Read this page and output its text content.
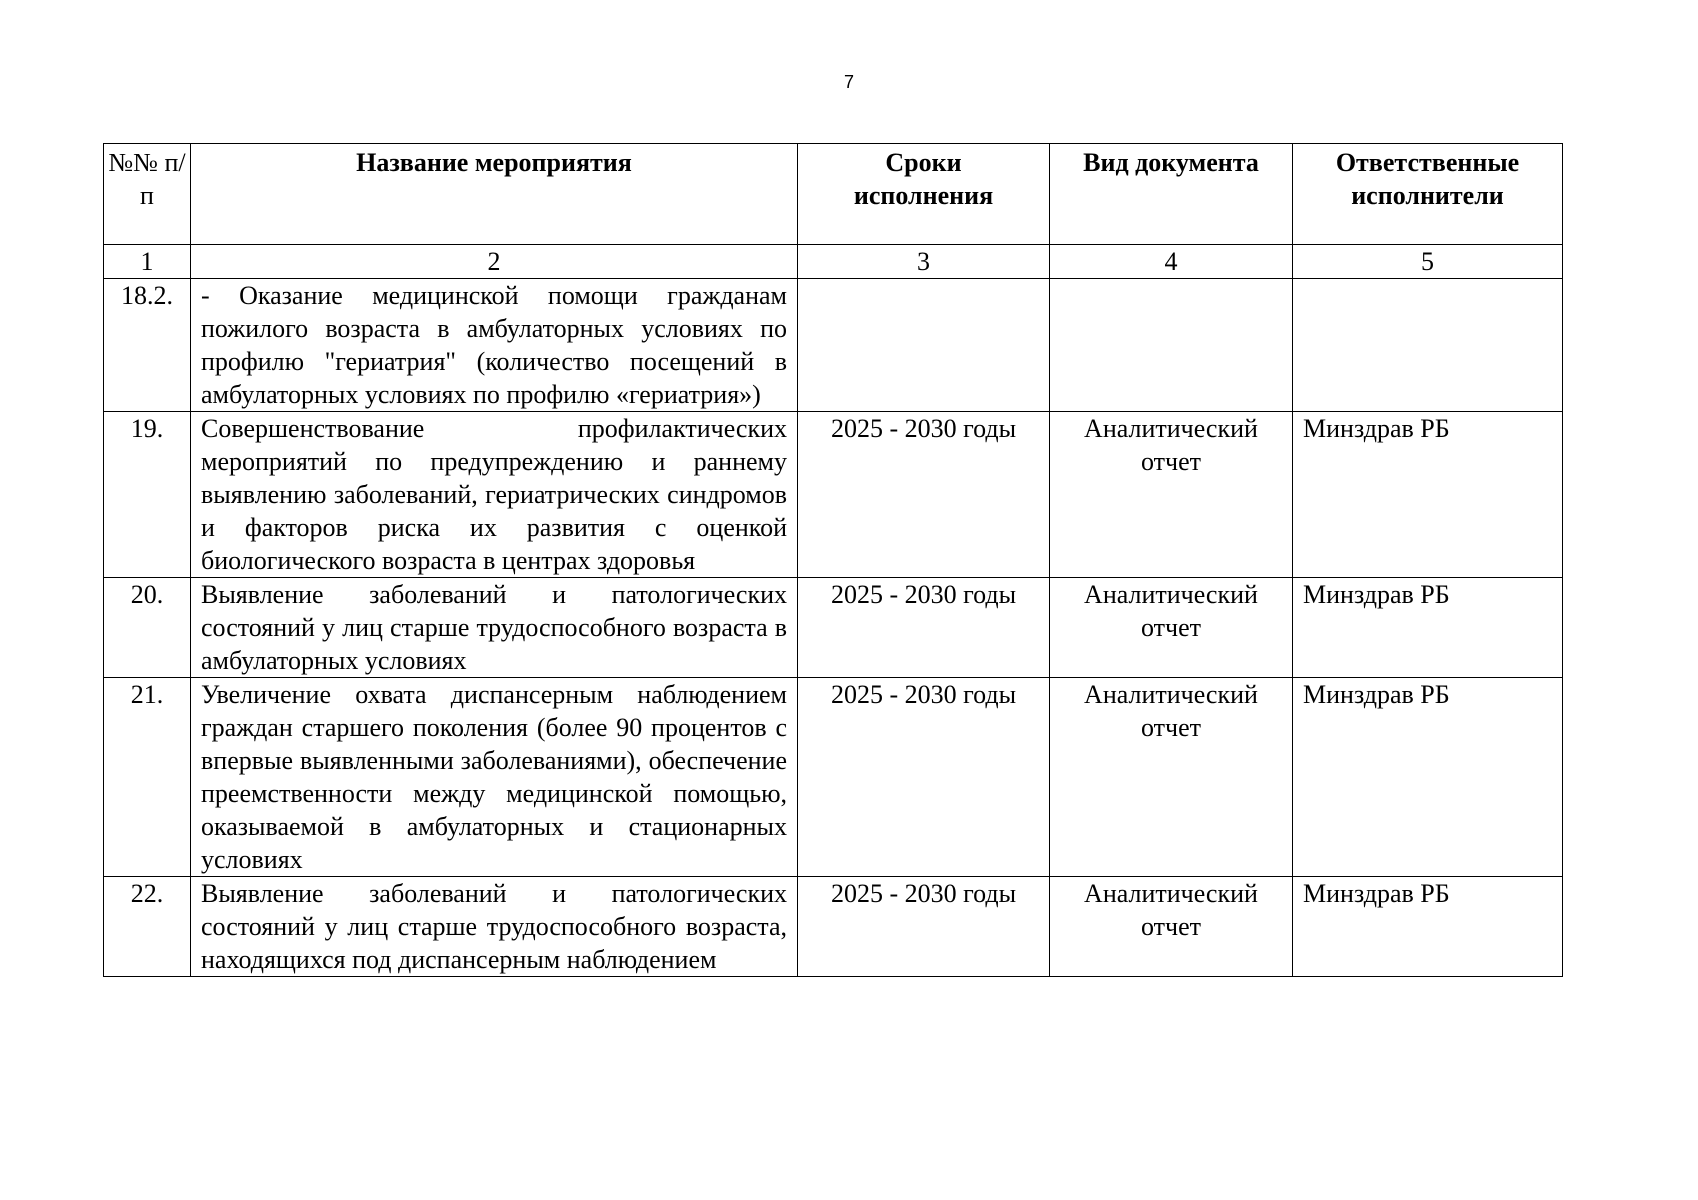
7
№№ п/п	Название мероприятия	Сроки исполнения	Вид документа	Ответственные исполнители
1	2	3	4	5
18.2.	- Оказание медицинской помощи гражданам пожилого возраста в амбулаторных условиях по профилю "гериатрия" (количество посещений в амбулаторных условиях по профилю «гериатрия»)			
19.	Совершенствование профилактических мероприятий по предупреждению и раннему выявлению заболеваний, гериатрических синдромов и факторов риска их развития с оценкой биологического возраста в центрах здоровья	2025 - 2030 годы	Аналитический отчет	Минздрав РБ
20.	Выявление заболеваний и патологических состояний у лиц старше трудоспособного возраста в амбулаторных условиях	2025 - 2030 годы	Аналитический отчет	Минздрав РБ
21.	Увеличение охвата диспансерным наблюдением граждан старшего поколения (более 90 процентов с впервые выявленными заболеваниями), обеспечение преемственности между медицинской помощью, оказываемой в амбулаторных и стационарных условиях	2025 - 2030 годы	Аналитический отчет	Минздрав РБ
22.	Выявление заболеваний и патологических состояний у лиц старше трудоспособного возраста, находящихся под диспансерным наблюдением	2025 - 2030 годы	Аналитический отчет	Минздрав РБ
